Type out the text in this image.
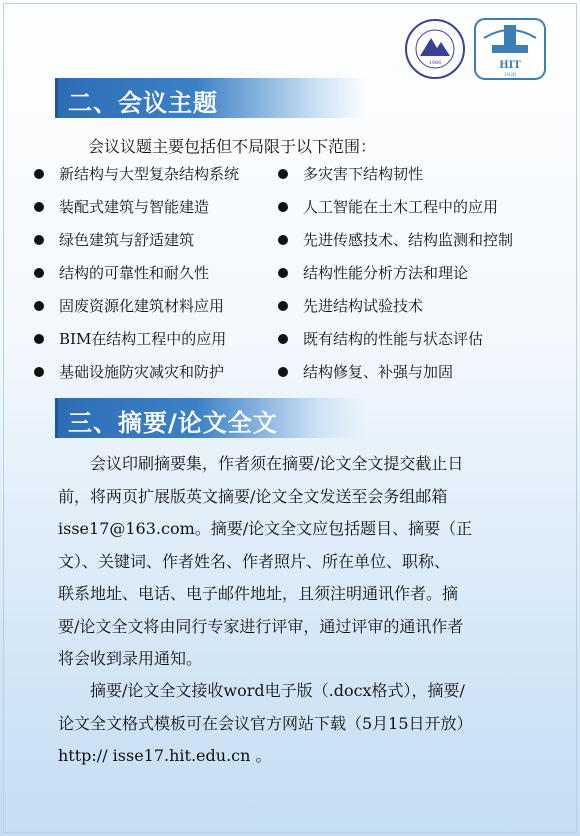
1986	HIT
1920
二、会议主题
会议议题主要包括但不局限于以下范围：
新结构与大型复杂结构系统
装配式建筑与智能建造
绿色建筑与舒适建筑
结构的可靠性和耐久性
固废资源化建筑材料应用
BIM在结构工程中的应用
基础设施防灾减灾和防护
多灾害下结构韧性
人工智能在土木工程中的应用
先进传感技术、结构监测和控制
结构性能分析方法和理论
先进结构试验技术
既有结构的性能与状态评估
结构修复、补强与加固
三、摘要/论文全文

　　会议印刷摘要集，作者须在摘要/论文全文提交截止日
前，将两页扩展版英文摘要/论文全文发送至会务组邮箱
isse17@163.com。摘要/论文全文应包括题目、摘要（正
文）、关键词、作者姓名、作者照片、所在单位、职称、
联系地址、电话、电子邮件地址，且须注明通讯作者。摘
要/论文全文将由同行专家进行评审，通过评审的通讯作者
将会收到录用通知。

　　摘要/论文全文接收word电子版（.docx格式），摘要/
论文全文格式模板可在会议官方网站下载（5月15日开放）
http:// isse17.hit.edu.cn 。
